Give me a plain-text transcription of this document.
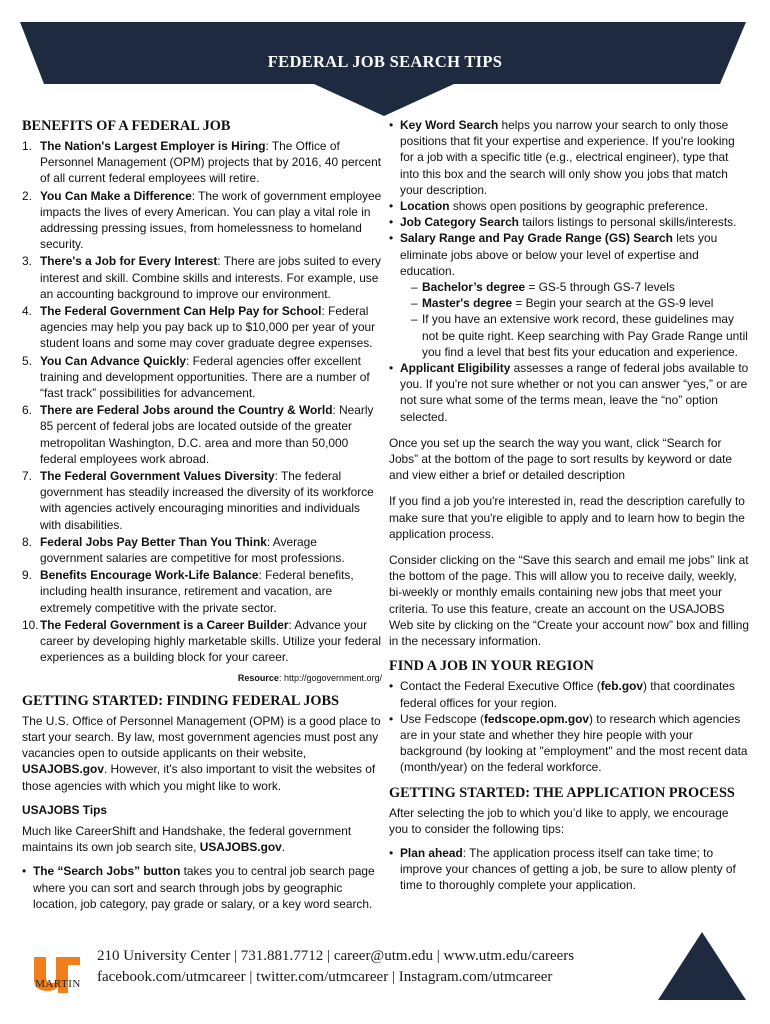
FEDERAL JOB SEARCH TIPS
BENEFITS OF A FEDERAL JOB
1. The Nation's Largest Employer is Hiring: The Office of Personnel Management (OPM) projects that by 2016, 40 percent of all current federal employees will retire.
2. You Can Make a Difference: The work of government employee impacts the lives of every American. You can play a vital role in addressing pressing issues, from homelessness to homeland security.
3. There's a Job for Every Interest: There are jobs suited to every interest and skill. Combine skills and interests. For example, use an accounting background to improve our environment.
4. The Federal Government Can Help Pay for School: Federal agencies may help you pay back up to $10,000 per year of your student loans and some may cover graduate degree expenses.
5. You Can Advance Quickly: Federal agencies offer excellent training and development opportunities. There are a number of “fast track” possibilities for advancement.
6. There are Federal Jobs around the Country & World: Nearly 85 percent of federal jobs are located outside of the greater metropolitan Washington, D.C. area and more than 50,000 federal employees work abroad.
7. The Federal Government Values Diversity: The federal government has steadily increased the diversity of its workforce with agencies actively encouraging minorities and individuals with disabilities.
8. Federal Jobs Pay Better Than You Think: Average government salaries are competitive for most professions.
9. Benefits Encourage Work-Life Balance: Federal benefits, including health insurance, retirement and vacation, are extremely competitive with the private sector.
10. The Federal Government is a Career Builder: Advance your career by developing highly marketable skills. Utilize your federal experiences as a building block for your career.
Resource: http://gogovernment.org/
GETTING STARTED: FINDING FEDERAL JOBS

The U.S. Office of Personnel Management (OPM) is a good place to start your search. By law, most government agencies must post any vacancies open to outside applicants on their website, USAJOBS.gov. However, it's also important to visit the websites of those agencies with which you might like to work.

USAJOBS Tips

Much like CareerShift and Handshake, the federal government maintains its own job search site, USAJOBS.gov.

• The “Search Jobs” button takes you to central job search page where you can sort and search through jobs by geographic location, job category, pay grade or salary, or a key word search.
• Key Word Search helps you narrow your search to only those positions that fit your expertise and experience. If you're looking for a job with a specific title (e.g., electrical engineer), type that into this box and the search will only show you jobs that match your description.
• Location shows open positions by geographic preference.
• Job Category Search tailors listings to personal skills/interests.
• Salary Range and Pay Grade Range (GS) Search lets you eliminate jobs above or below your level of expertise and education.
– Bachelor’s degree = GS-5 through GS-7 levels
– Master's degree = Begin your search at the GS-9 level
– If you have an extensive work record, these guidelines may not be quite right. Keep searching with Pay Grade Range until you find a level that best fits your education and experience.
• Applicant Eligibility assesses a range of federal jobs available to you. If you're not sure whether or not you can answer “yes,” or are not sure what some of the terms mean, leave the “no” option selected.

Once you set up the search the way you want, click “Search for Jobs” at the bottom of the page to sort results by keyword or date and view either a brief or detailed description

If you find a job you're interested in, read the description carefully to make sure that you're eligible to apply and to learn how to begin the application process.

Consider clicking on the “Save this search and email me jobs” link at the bottom of the page. This will allow you to receive daily, weekly, bi-weekly or monthly emails containing new jobs that meet your criteria. To use this feature, create an account on the USAJOBS Web site by clicking on the “Create your account now” box and filling in the necessary information.

FIND A JOB IN YOUR REGION
• Contact the Federal Executive Office (feb.gov) that coordinates federal offices for your region.
• Use Fedscope (fedscope.opm.gov) to research which agencies are in your state and whether they hire people with your background (by looking at "employment" and the most recent data (month/year) on the federal workforce.
GETTING STARTED: THE APPLICATION PROCESS

After selecting the job to which you’d like to apply, we encourage you to consider the following tips:

• Plan ahead: The application process itself can take time; to improve your chances of getting a job, be sure to allow plenty of time to thoroughly complete your application.
MARTIN
210 University Center | 731.881.7712 | career@utm.edu | www.utm.edu/careers
facebook.com/utmcareer | twitter.com/utmcareer | Instagram.com/utmcareer
